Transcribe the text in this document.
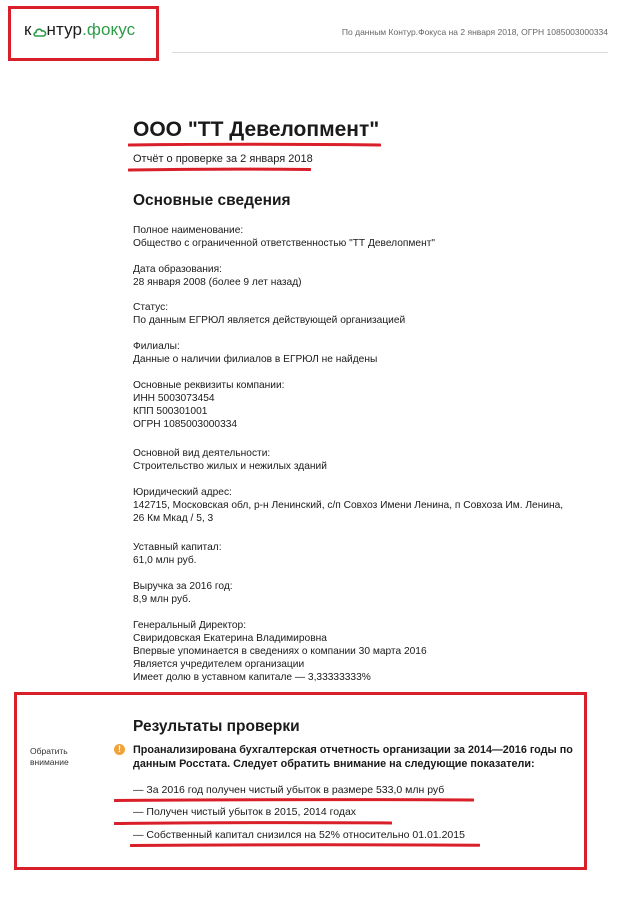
к нтур.фокус	По данным Контур.Фокуса на 2 января 2018, ОГРН 1085003000334
ООО "ТТ Девелопмент"
Отчёт о проверке за 2 января 2018
Основные сведения
Полное наименование:
Общество с ограниченной ответственностью "ТТ Девелопмент"
Дата образования:
28 января 2008 (более 9 лет назад)
Статус:
По данным ЕГРЮЛ является действующей организацией
Филиалы:
Данные о наличии филиалов в ЕГРЮЛ не найдены
Основные реквизиты компании:
ИНН 5003073454
КПП 500301001
ОГРН 1085003000334
Основной вид деятельности:
Строительство жилых и нежилых зданий
Юридический адрес:
142715, Московская обл, р-н Ленинский, с/п Совхоз Имени Ленина, п Совхоза Им. Ленина,
26 Км Мкад / 5, 3
Уставный капитал:
61,0 млн руб.
Выручка за 2016 год:
8,9 млн руб.
Генеральный Директор:
Свиридовская Екатерина Владимировна
Впервые упоминается в сведениях о компании 30 марта 2016
Является учредителем организации
Имеет долю в уставном капитале — 3,33333333%
Результаты проверки
Обратить
внимание
!	Проанализирована бухгалтерская отчетность организации за 2014—2016 годы по данным Росстата. Следует обратить внимание на следующие показатели:
— За 2016 год получен чистый убыток в размере 533,0 млн руб
— Получен чистый убыток в 2015, 2014 годах
— Собственный капитал снизился на 52% относительно 01.01.2015
